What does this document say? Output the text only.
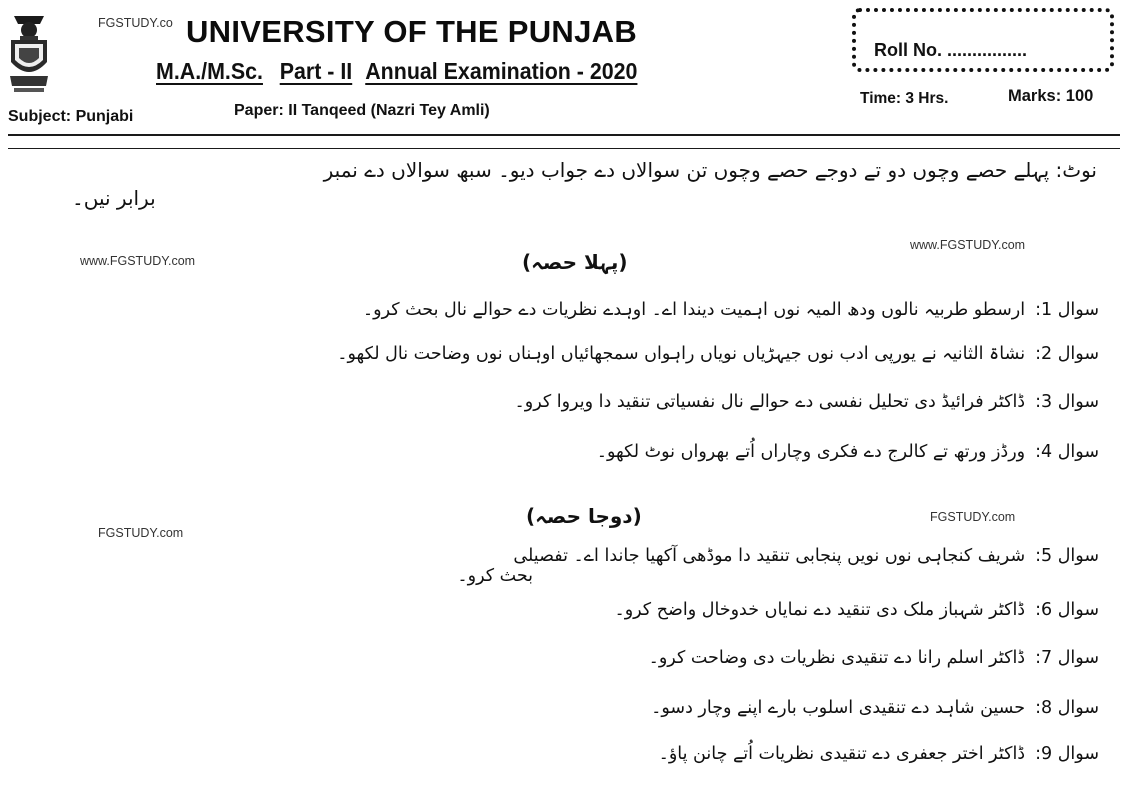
FGSTUDY.co UNIVERSITY OF THE PUNJAB
M.A./M.Sc. Part - II Annual Examination - 2020
Roll No. ................
Time: 3 Hrs.	Marks: 100
Subject: Punjabi	Paper: II Tanqeed (Nazri Tey Amli)
نوٹ: پہلے حصے وچوں دو تے دوجے حصے وچوں تن سوالاں دے جواب دیو۔ سبھ سوالاں دے نمبر
برابر نیں۔
www.FGSTUDY.com
www.FGSTUDY.com
(پہلا حصہ)
سوال 1:
ارسطو طربیہ نالوں ودھ المیہ نوں اہمیت دیندا اے۔ اوہدے نظریات دے حوالے نال بحث کرو۔
سوال 2:
نشاۃ الثانیہ نے یورپی ادب نوں جیہڑیاں نویاں راہواں سمجھائیاں اوہناں نوں وضاحت نال لکھو۔
سوال 3:
ڈاکٹر فرائیڈ دی تحلیل نفسی دے حوالے نال نفسیاتی تنقید دا ویروا کرو۔
سوال 4:
ورڈز ورتھ تے کالرج دے فکری وچاراں اُتے بھرواں نوٹ لکھو۔
FGSTUDY.com
FGSTUDY.com
(دوجا حصہ)
سوال 5:
شریف کنجاہی نوں نویں پنجابی تنقید دا موڈھی آکھیا جاندا اے۔ تفصیلی
بحث کرو۔
سوال 6:
ڈاکٹر شہباز ملک دی تنقید دے نمایاں خدوخال واضح کرو۔
سوال 7:
ڈاکٹر اسلم رانا دے تنقیدی نظریات دی وضاحت کرو۔
سوال 8:
حسین شاہد دے تنقیدی اسلوب بارے اپنے وچار دسو۔
سوال 9:
ڈاکٹر اختر جعفری دے تنقیدی نظریات اُتے چانن پاؤ۔
